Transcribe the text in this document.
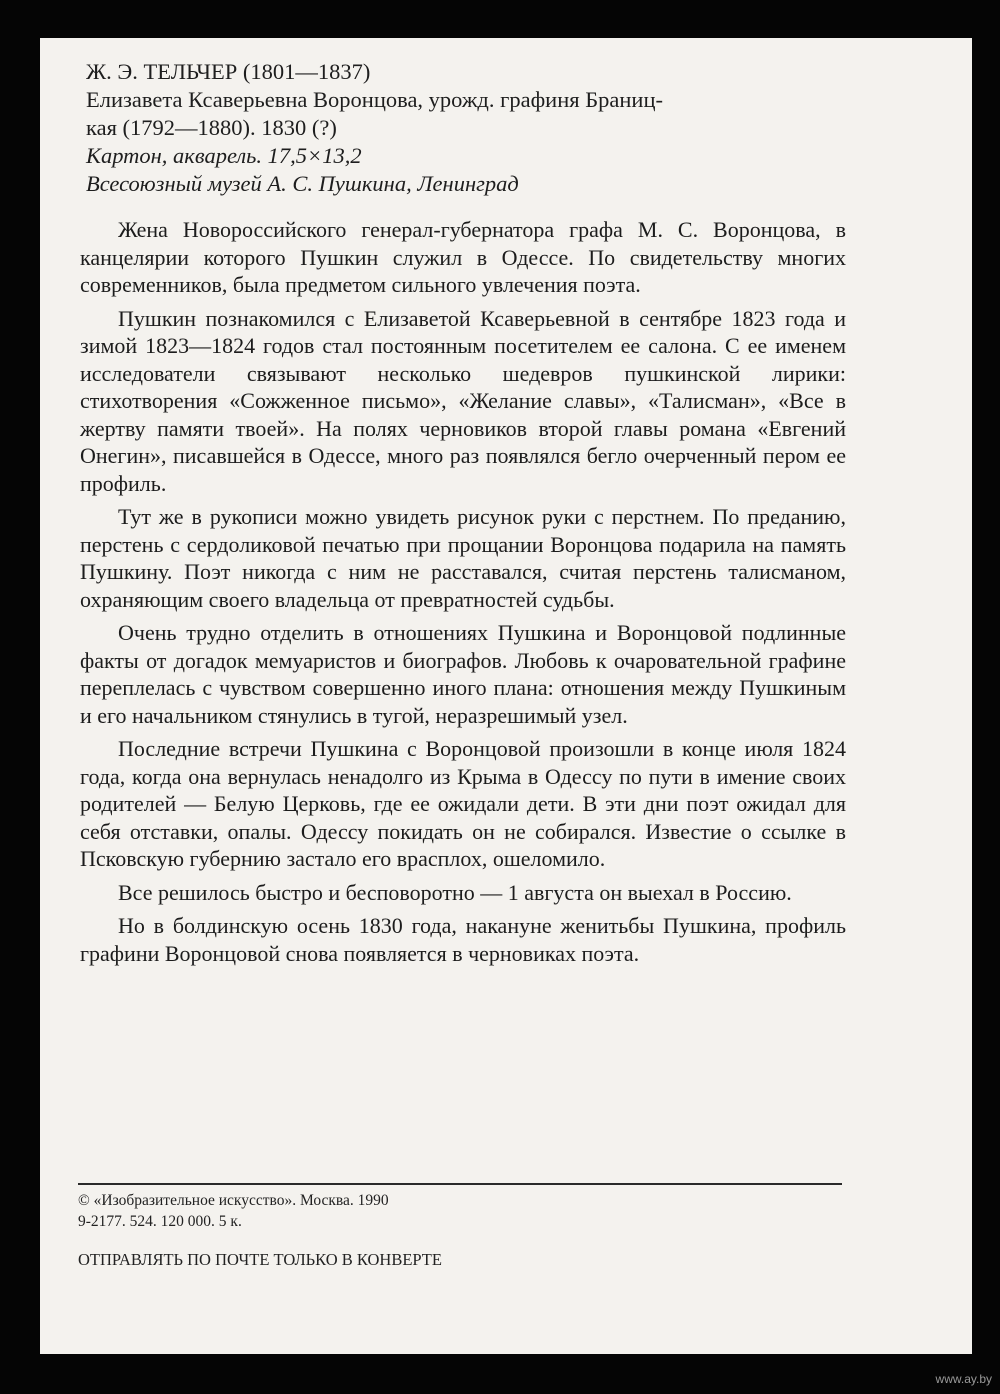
Ж. Э. ТЕЛЬЧЕР (1801—1837)
Елизавета Ксаверьевна Воронцова, урожд. графиня Браниц-
кая (1792—1880). 1830 (?)
Картон, акварель. 17,5×13,2
Всесоюзный музей А. С. Пушкина, Ленинград

Жена Новороссийского генерал-губернатора графа М. С. Воронцова, в канцелярии которого Пушкин служил в Одессе. По свидетельству многих современников, была предметом сильного увлечения поэта.

Пушкин познакомился с Елизаветой Ксаверьевной в сентябре 1823 года и зимой 1823—1824 годов стал постоянным посетителем ее салона. С ее именем исследователи связывают несколько шедевров пушкинской лирики: стихотворения «Сожженное письмо», «Желание славы», «Талисман», «Все в жертву памяти твоей». На полях черновиков второй главы романа «Евгений Онегин», писавшейся в Одессе, много раз появлялся бегло очерченный пером ее профиль.

Тут же в рукописи можно увидеть рисунок руки с перстнем. По преданию, перстень с сердоликовой печатью при прощании Воронцова подарила на память Пушкину. Поэт никогда с ним не расставался, считая перстень талисманом, охраняющим своего владельца от превратностей судьбы.

Очень трудно отделить в отношениях Пушкина и Воронцовой подлинные факты от догадок мемуаристов и биографов. Любовь к очаровательной графине переплелась с чувством совершенно иного плана: отношения между Пушкиным и его начальником стянулись в тугой, неразрешимый узел.

Последние встречи Пушкина с Воронцовой произошли в конце июля 1824 года, когда она вернулась ненадолго из Крыма в Одессу по пути в имение своих родителей — Белую Церковь, где ее ожидали дети. В эти дни поэт ожидал для себя отставки, опалы. Одессу покидать он не собирался. Известие о ссылке в Псковскую губернию застало его врасплох, ошеломило.

Все решилось быстро и бесповоротно — 1 августа он выехал в Россию.

Но в болдинскую осень 1830 года, накануне женитьбы Пушкина, профиль графини Воронцовой снова появляется в черновиках поэта.

© «Изобразительное искусство». Москва. 1990
9-2177. 524. 120 000. 5 к.
ОТПРАВЛЯТЬ ПО ПОЧТЕ ТОЛЬКО В КОНВЕРТЕ
www.ay.by
